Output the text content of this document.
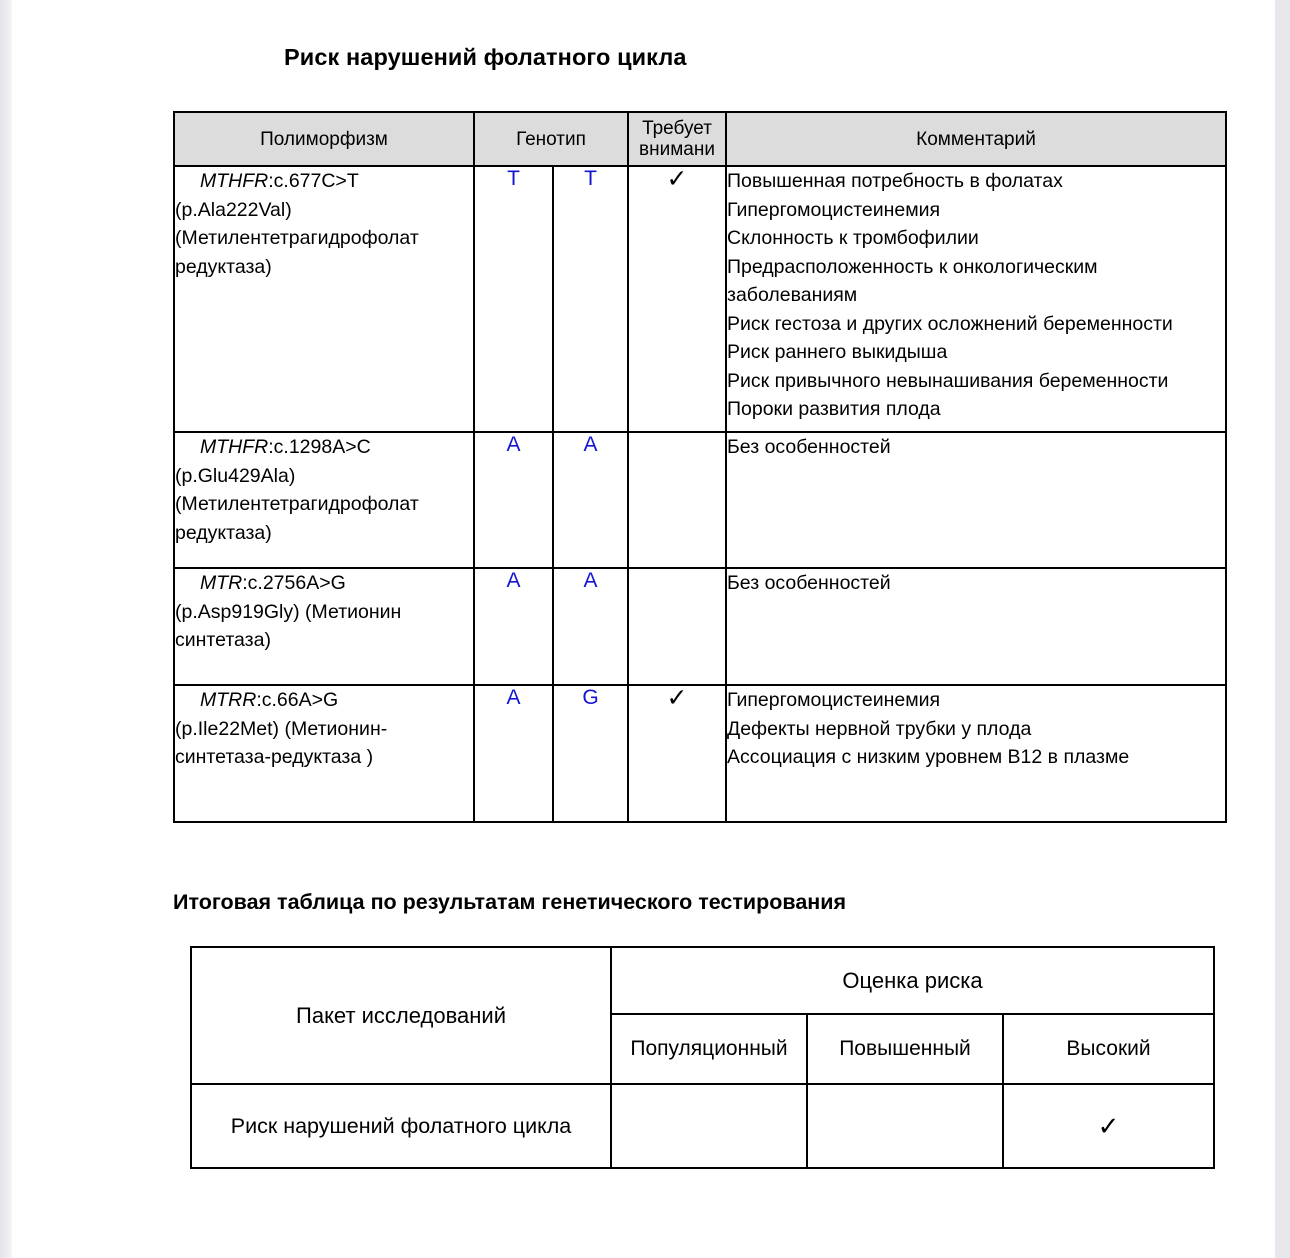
Риск нарушений фолатного цикла
Полиморфизм	Генотип		Требует внимани	Комментарий

MTHFR:c.677C>T
(p.Ala222Val)
(Метилентетрагидрофолат
редуктаза)	T	T	✓	Повышенная потребность в фолатах
Гипергомоцистеинемия
Склонность к тромбофилии
Предрасположенность к онкологическим
заболеваниям
Риск гестоза и других осложнений беременности
Риск раннего выкидыша
Риск привычного невынашивания беременности
Пороки развития плода

MTHFR:c.1298A>C
(p.Glu429Ala)
(Метилентетрагидрофолат
редуктаза)	A	A		Без особенностей

MTR:c.2756A>G
(p.Asp919Gly) (Метионин
синтетаза)	A	A		Без особенностей

MTRR:c.66A>G
(p.Ile22Met) (Метионин-
синтетаза-редуктаза )	A	G	✓	Гипергомоцистеинемия
Дефекты нервной трубки у плода
Ассоциация с низким уровнем В12 в плазме
Итоговая таблица по результатам генетического тестирования
Пакет исследований	Оценка риска		
	Популяционный	Повышенный	Высокий
Риск нарушений фолатного цикла			✓
